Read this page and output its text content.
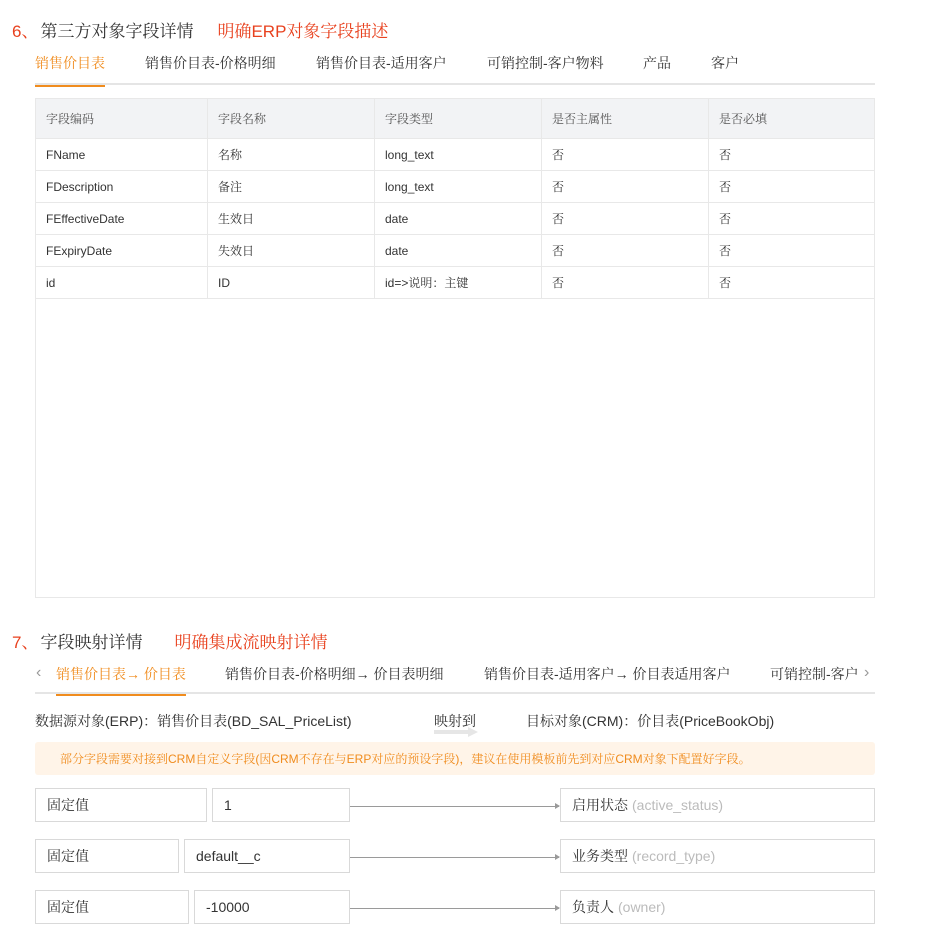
6、 第三方对象字段详情 明确ERP对象字段描述
销售价目表	销售价目表-价格明细	销售价目表-适用客户	可销控制-客户物料	产品	客户
字段编码	字段名称	字段类型	是否主属性	是否必填
FName	名称	long_text	否	否
FDescription	备注	long_text	否	否
FEffectiveDate	生效日	date	否	否
FExpiryDate	失效日	date	否	否
id	ID	id=>说明：主键	否	否
7、 字段映射详情 明确集成流映射详情
‹	›
销售价目表→ 价目表	销售价目表-价格明细→ 价目表明细	销售价目表-适用客户→ 价目表适用客户	可销控制-客户
数据源对象(ERP)：销售价目表(BD_SAL_PriceList)	映射到	目标对象(CRM)：价目表(PriceBookObj)
部分字段需要对接到CRM自定义字段(因CRM不存在与ERP对应的预设字段)，建议在使用模板前先到对应CRM对象下配置好字段。
固定值	1	启用状态 (active_status)
固定值	default__c	业务类型 (record_type)
固定值	-10000	负责人 (owner)
